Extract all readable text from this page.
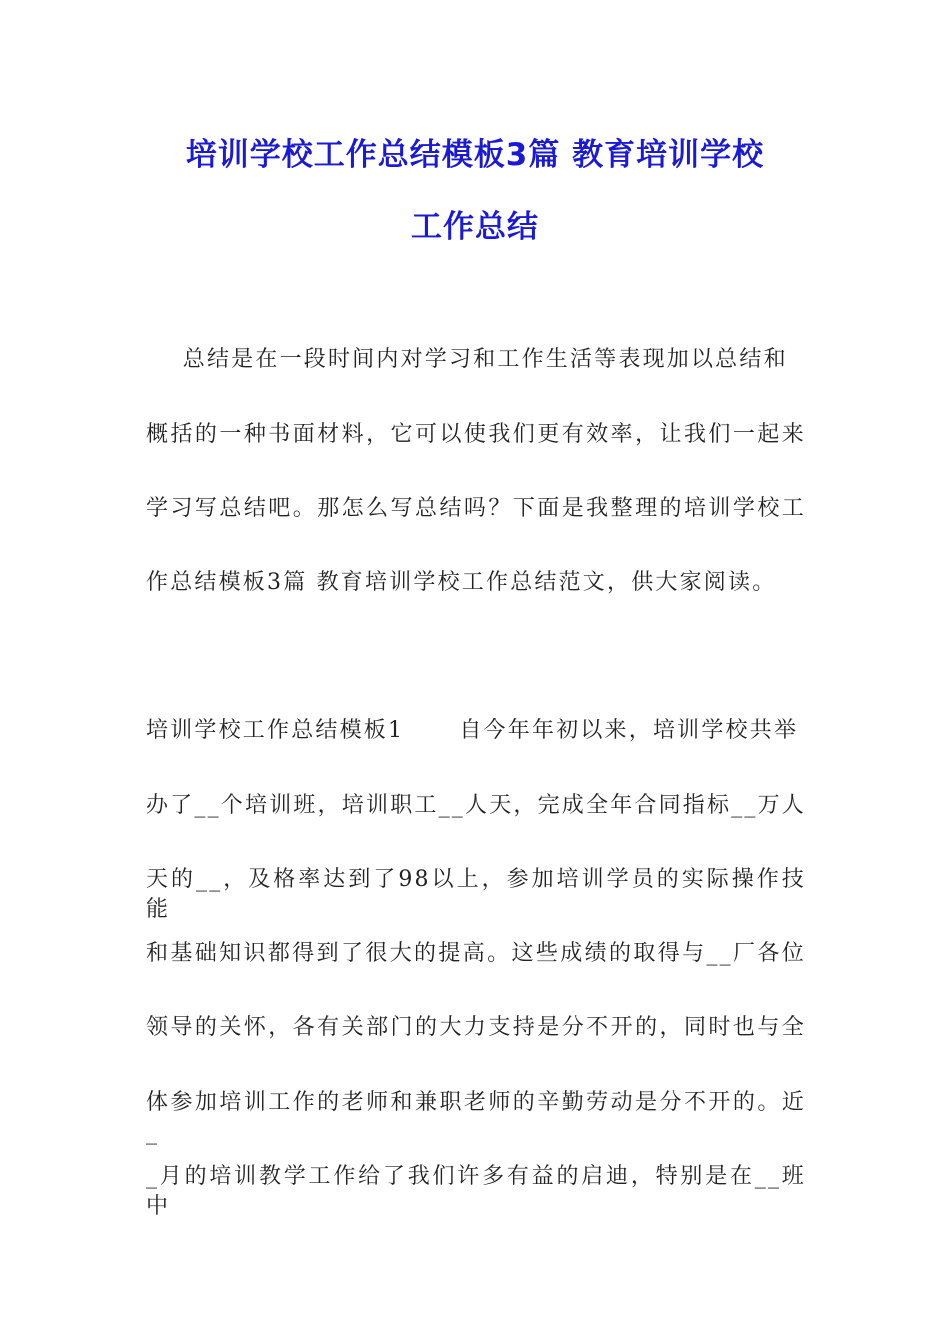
培训学校工作总结模板3篇 教育培训学校
工作总结
总结是在一段时间内对学习和工作生活等表现加以总结和
概括的一种书面材料，它可以使我们更有效率，让我们一起来
学习写总结吧。那怎么写总结吗？下面是我整理的培训学校工
作总结模板3篇 教育培训学校工作总结范文，供大家阅读。
培训学校工作总结模板1      自今年年初以来，培训学校共举
办了__个培训班，培训职工__人天，完成全年合同指标__万人
天的__，及格率达到了98以上，参加培训学员的实际操作技能
和基础知识都得到了很大的提高。这些成绩的取得与__厂各位
领导的关怀，各有关部门的大力支持是分不开的，同时也与全
体参加培训工作的老师和兼职老师的辛勤劳动是分不开的。近_
_月的培训教学工作给了我们许多有益的启迪，特别是在__班中
